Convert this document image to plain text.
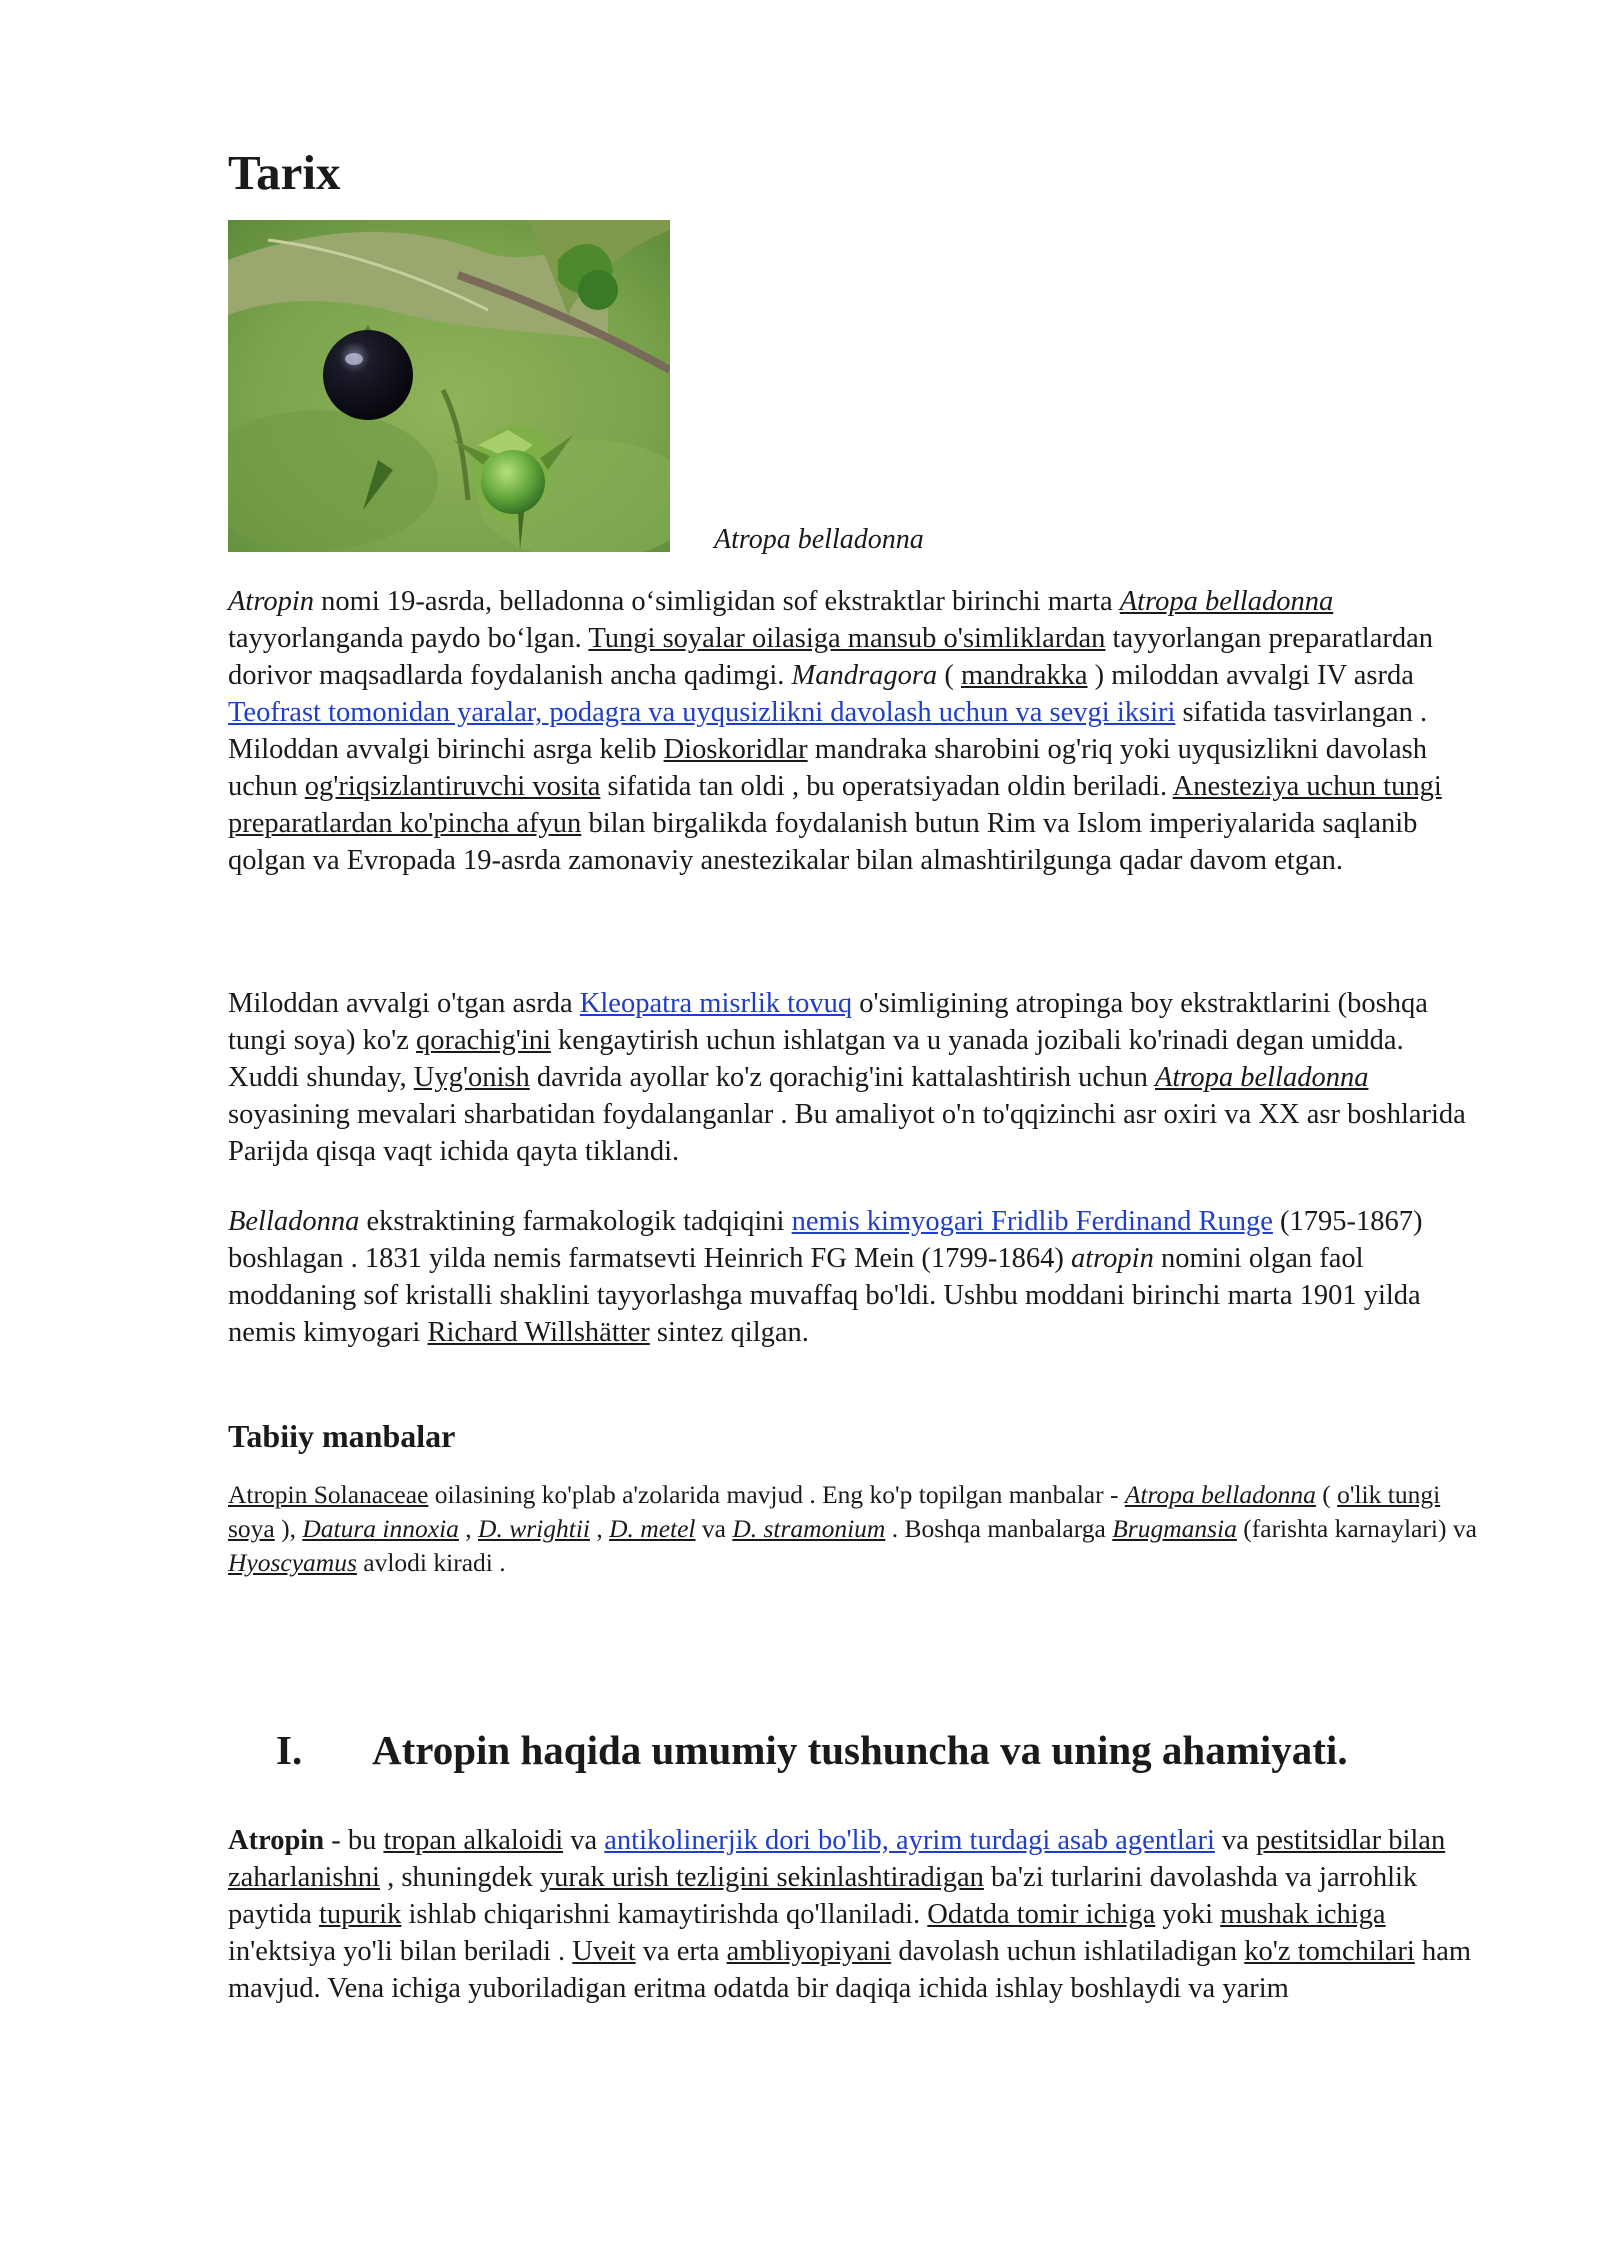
Tarix
Atropa belladonna

Atropin nomi 19-asrda, belladonna o‘simligidan sof ekstraktlar birinchi marta Atropa belladonna tayyorlanganda paydo bo‘lgan. Tungi soyalar oilasiga mansub o'simliklardan tayyorlangan preparatlardan dorivor maqsadlarda foydalanish ancha qadimgi. Mandragora ( mandrakka ) miloddan avvalgi IV asrda Teofrast tomonidan yaralar, podagra va uyqusizlikni davolash uchun va sevgi iksiri sifatida tasvirlangan . Miloddan avvalgi birinchi asrga kelib Dioskoridlar mandraka sharobini og'riq yoki uyqusizlikni davolash uchun og'riqsizlantiruvchi vosita sifatida tan oldi , bu operatsiyadan oldin beriladi. Anesteziya uchun tungi preparatlardan ko'pincha afyun bilan birgalikda foydalanish butun Rim va Islom imperiyalarida saqlanib qolgan va Evropada 19-asrda zamonaviy anestezikalar bilan almashtirilgunga qadar davom etgan.

Miloddan avvalgi o'tgan asrda Kleopatra misrlik tovuq o'simligining atropinga boy ekstraktlarini (boshqa tungi soya) ko'z qorachig'ini kengaytirish uchun ishlatgan va u yanada jozibali ko'rinadi degan umidda. Xuddi shunday, Uyg'onish davrida ayollar ko'z qorachig'ini kattalashtirish uchun Atropa belladonna soyasining mevalari sharbatidan foydalanganlar . Bu amaliyot o'n to'qqizinchi asr oxiri va XX asr boshlarida Parijda qisqa vaqt ichida qayta tiklandi.

Belladonna ekstraktining farmakologik tadqiqini nemis kimyogari Fridlib Ferdinand Runge (1795-1867) boshlagan . 1831 yilda nemis farmatsevti Heinrich FG Mein (1799-1864) atropin nomini olgan faol moddaning sof kristalli shaklini tayyorlashga muvaffaq bo'ldi. Ushbu moddani birinchi marta 1901 yilda nemis kimyogari Richard Willshätter sintez qilgan.

Tabiiy manbalar

Atropin Solanaceae oilasining ko'plab a'zolarida mavjud . Eng ko'p topilgan manbalar - Atropa belladonna ( o'lik tungi soya ), Datura innoxia , D. wrightii , D. metel va D. stramonium . Boshqa manbalarga Brugmansia (farishta karnaylari) va Hyoscyamus avlodi kiradi .

I.	Atropin haqida umumiy tushuncha va uning ahamiyati.

Atropin - bu tropan alkaloidi va antikolinerjik dori bo'lib, ayrim turdagi asab agentlari va pestitsidlar bilan zaharlanishni , shuningdek yurak urish tezligini sekinlashtiradigan ba'zi turlarini davolashda va jarrohlik paytida tupurik ishlab chiqarishni kamaytirishda qo'llaniladi. Odatda tomir ichiga yoki mushak ichiga in'ektsiya yo'li bilan beriladi . Uveit va erta ambliyopiyani davolash uchun ishlatiladigan ko'z tomchilari ham mavjud. Vena ichiga yuboriladigan eritma odatda bir daqiqa ichida ishlay boshlaydi va yarim
